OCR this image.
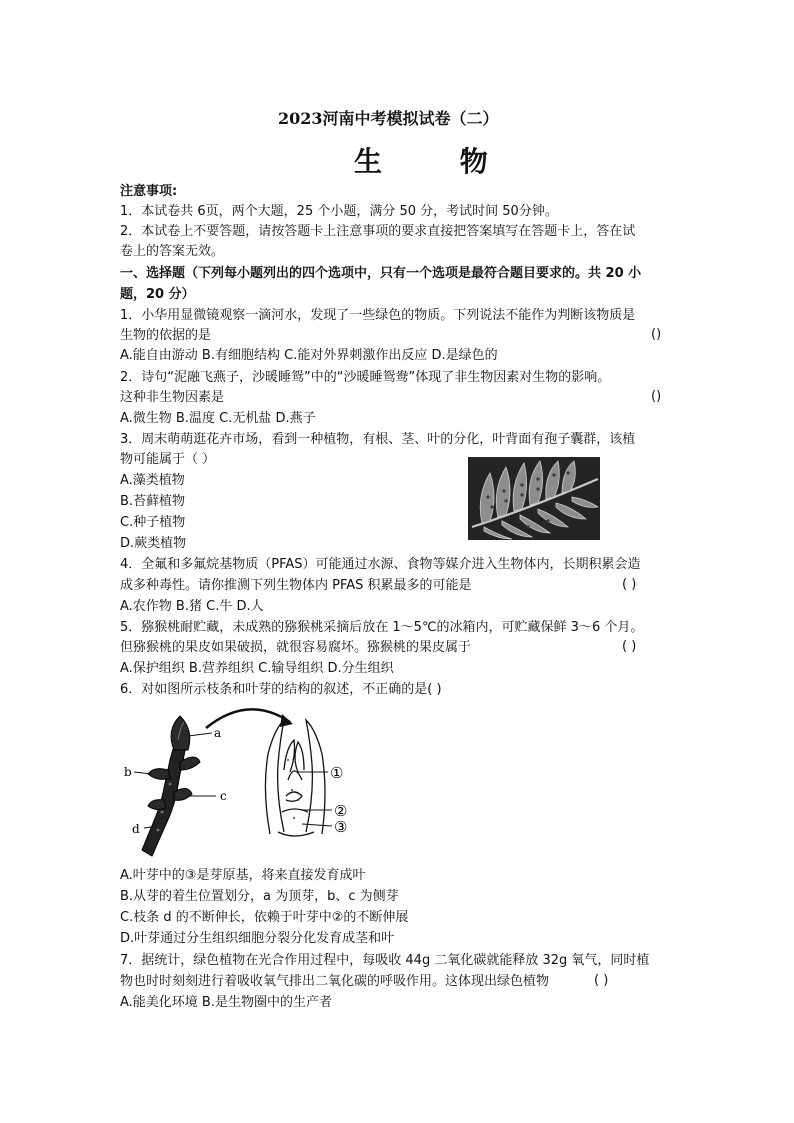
2023河南中考模拟试卷（二）
生 物
注意事项:
1．本试卷共 6页，两个大题，25 个小题，满分 50 分，考试时间 50分钟。
2．本试卷上不要答题，请按答题卡上注意事项的要求直接把答案填写在答题卡上，答在试
卷上的答案无效。
一、选择题（下列每小题列出的四个选项中，只有一个选项是最符合题目要求的。共 20 小
题，20 分）
1．小华用显微镜观察一滴河水，发现了一些绿色的物质。下列说法不能作为判断该物质是
生物的依据的是	()
A.能自由游动 B.有细胞结构 C.能对外界刺激作出反应 D.是绿色的
2．诗句“泥融飞燕子，沙暖睡鸳”中的“沙暖睡鸳鸯”体现了非生物因素对生物的影响。
这种非生物因素是	()
A.微生物 B.温度 C.无机盐 D.燕子
3．周末萌萌逛花卉市场，看到一种植物，有根、茎、叶的分化，叶背面有孢子囊群，该植
物可能属于（ ）
A.藻类植物
B.苔藓植物
C.种子植物
D.蕨类植物
4．全氟和多氟烷基物质（PFAS）可能通过水源、食物等媒介进入生物体内，长期积累会造
成多种毒性。请你推测下列生物体内 PFAS 积累最多的可能是	( )
A.农作物 B.猪 C.牛 D.人
5．猕猴桃耐贮藏，未成熟的猕猴桃采摘后放在 1～5℃的冰箱内，可贮藏保鲜 3～6 个月。
但猕猴桃的果皮如果破损，就很容易腐坏。猕猴桃的果皮属于	( )
A.保护组织 B.营养组织 C.输导组织 D.分生组织
6．对如图所示枝条和叶芽的结构的叙述，不正确的是( )
a
b
c
d
①
②
③
A.叶芽中的③是芽原基，将来直接发育成叶
B.从芽的着生位置划分，a 为顶芽，b、c 为侧芽
C.枝条 d 的不断伸长，依赖于叶芽中②的不断伸展
D.叶芽通过分生组织细胞分裂分化发育成茎和叶
7．据统计，绿色植物在光合作用过程中，每吸收 44g 二氧化碳就能释放 32g 氧气，同时植
物也时时刻刻进行着吸收氧气排出二氧化碳的呼吸作用。这体现出绿色植物	( )
A.能美化环境 B.是生物圈中的生产者
